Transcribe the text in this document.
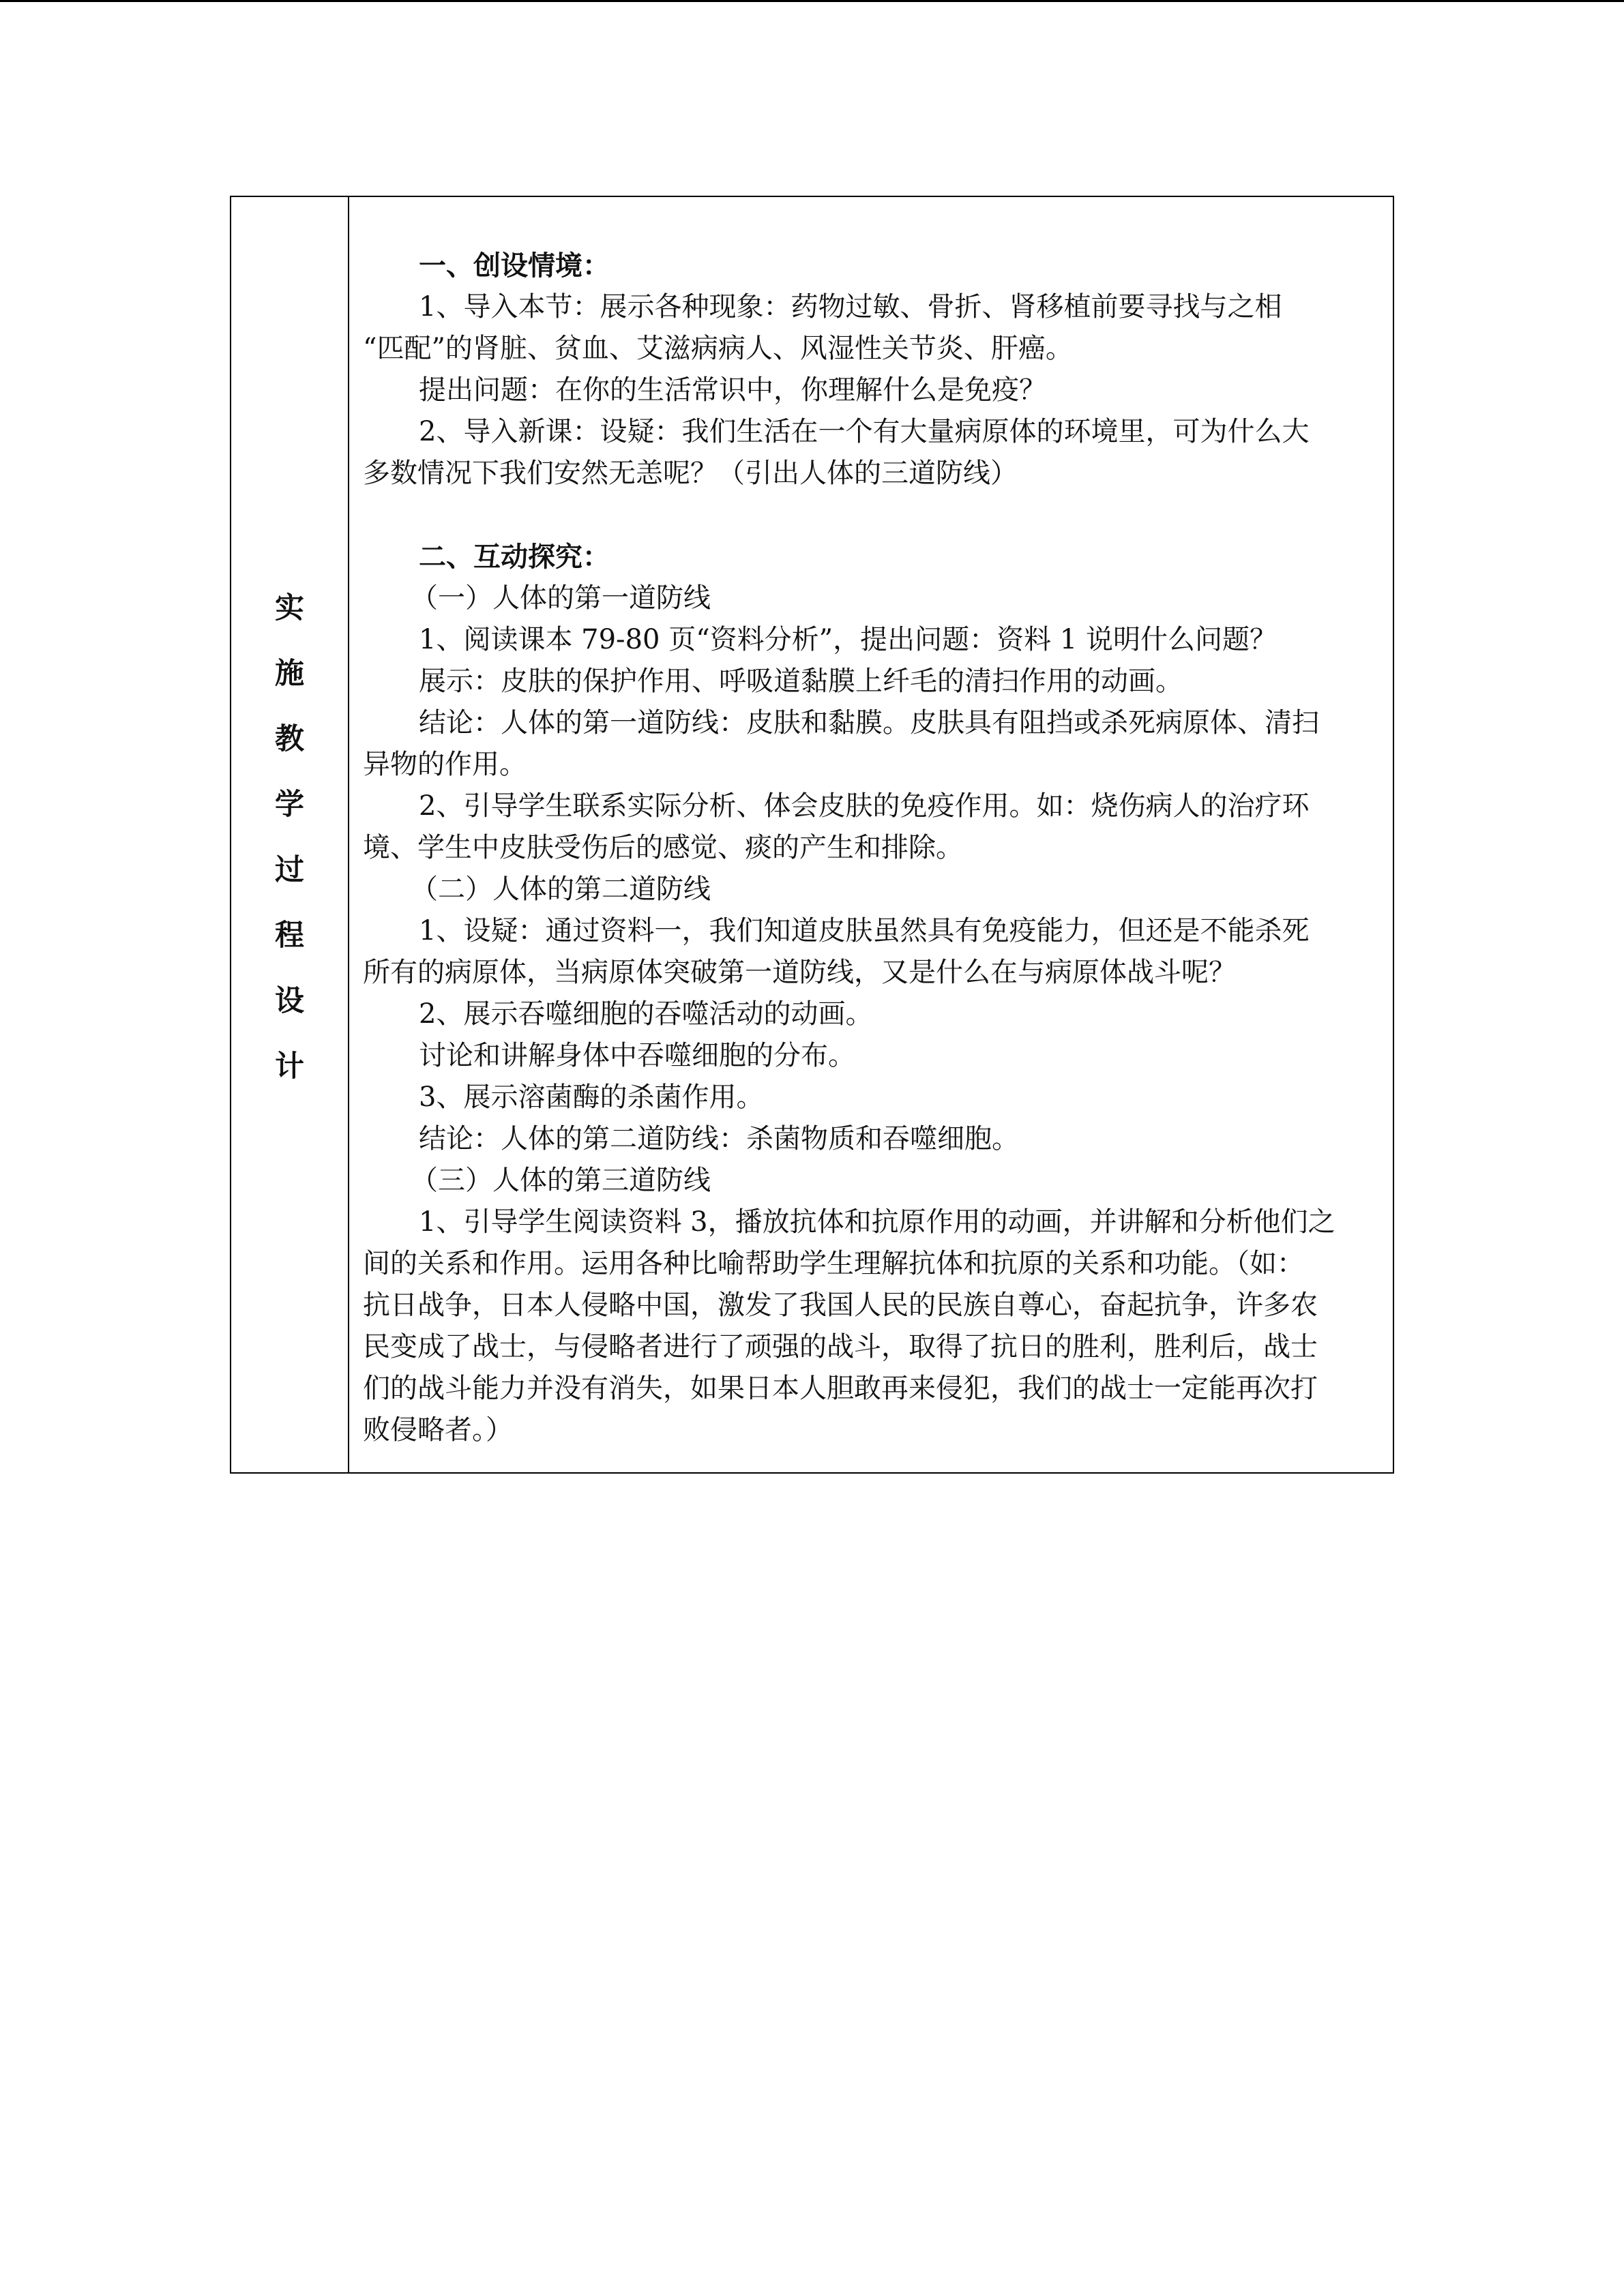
实
施
教
学
过
程
设
计

一、创设情境：

1、导入本节：展示各种现象：药物过敏、骨折、肾移植前要寻找与之相

“匹配”的肾脏、贫血、艾滋病病人、风湿性关节炎、肝癌。

提出问题：在你的生活常识中，你理解什么是免疫？

2、导入新课：设疑：我们生活在一个有大量病原体的环境里，可为什么大

多数情况下我们安然无恙呢？（引出人体的三道防线）

二、互动探究：

（一）人体的第一道防线

1、阅读课本 79-80 页“资料分析”，提出问题：资料 1 说明什么问题？

展示：皮肤的保护作用、呼吸道黏膜上纤毛的清扫作用的动画。

结论：人体的第一道防线：皮肤和黏膜。皮肤具有阻挡或杀死病原体、清扫

异物的作用。

2、引导学生联系实际分析、体会皮肤的免疫作用。如：烧伤病人的治疗环

境、学生中皮肤受伤后的感觉、痰的产生和排除。

（二）人体的第二道防线

1、设疑：通过资料一，我们知道皮肤虽然具有免疫能力，但还是不能杀死

所有的病原体，当病原体突破第一道防线，又是什么在与病原体战斗呢？

2、展示吞噬细胞的吞噬活动的动画。

讨论和讲解身体中吞噬细胞的分布。

3、展示溶菌酶的杀菌作用。

结论：人体的第二道防线：杀菌物质和吞噬细胞。

（三）人体的第三道防线

1、引导学生阅读资料 3，播放抗体和抗原作用的动画，并讲解和分析他们之

间的关系和作用。运用各种比喻帮助学生理解抗体和抗原的关系和功能。（如：

抗日战争，日本人侵略中国，激发了我国人民的民族自尊心，奋起抗争，许多农

民变成了战士，与侵略者进行了顽强的战斗，取得了抗日的胜利，胜利后，战士

们的战斗能力并没有消失，如果日本人胆敢再来侵犯，我们的战士一定能再次打

败侵略者。）
